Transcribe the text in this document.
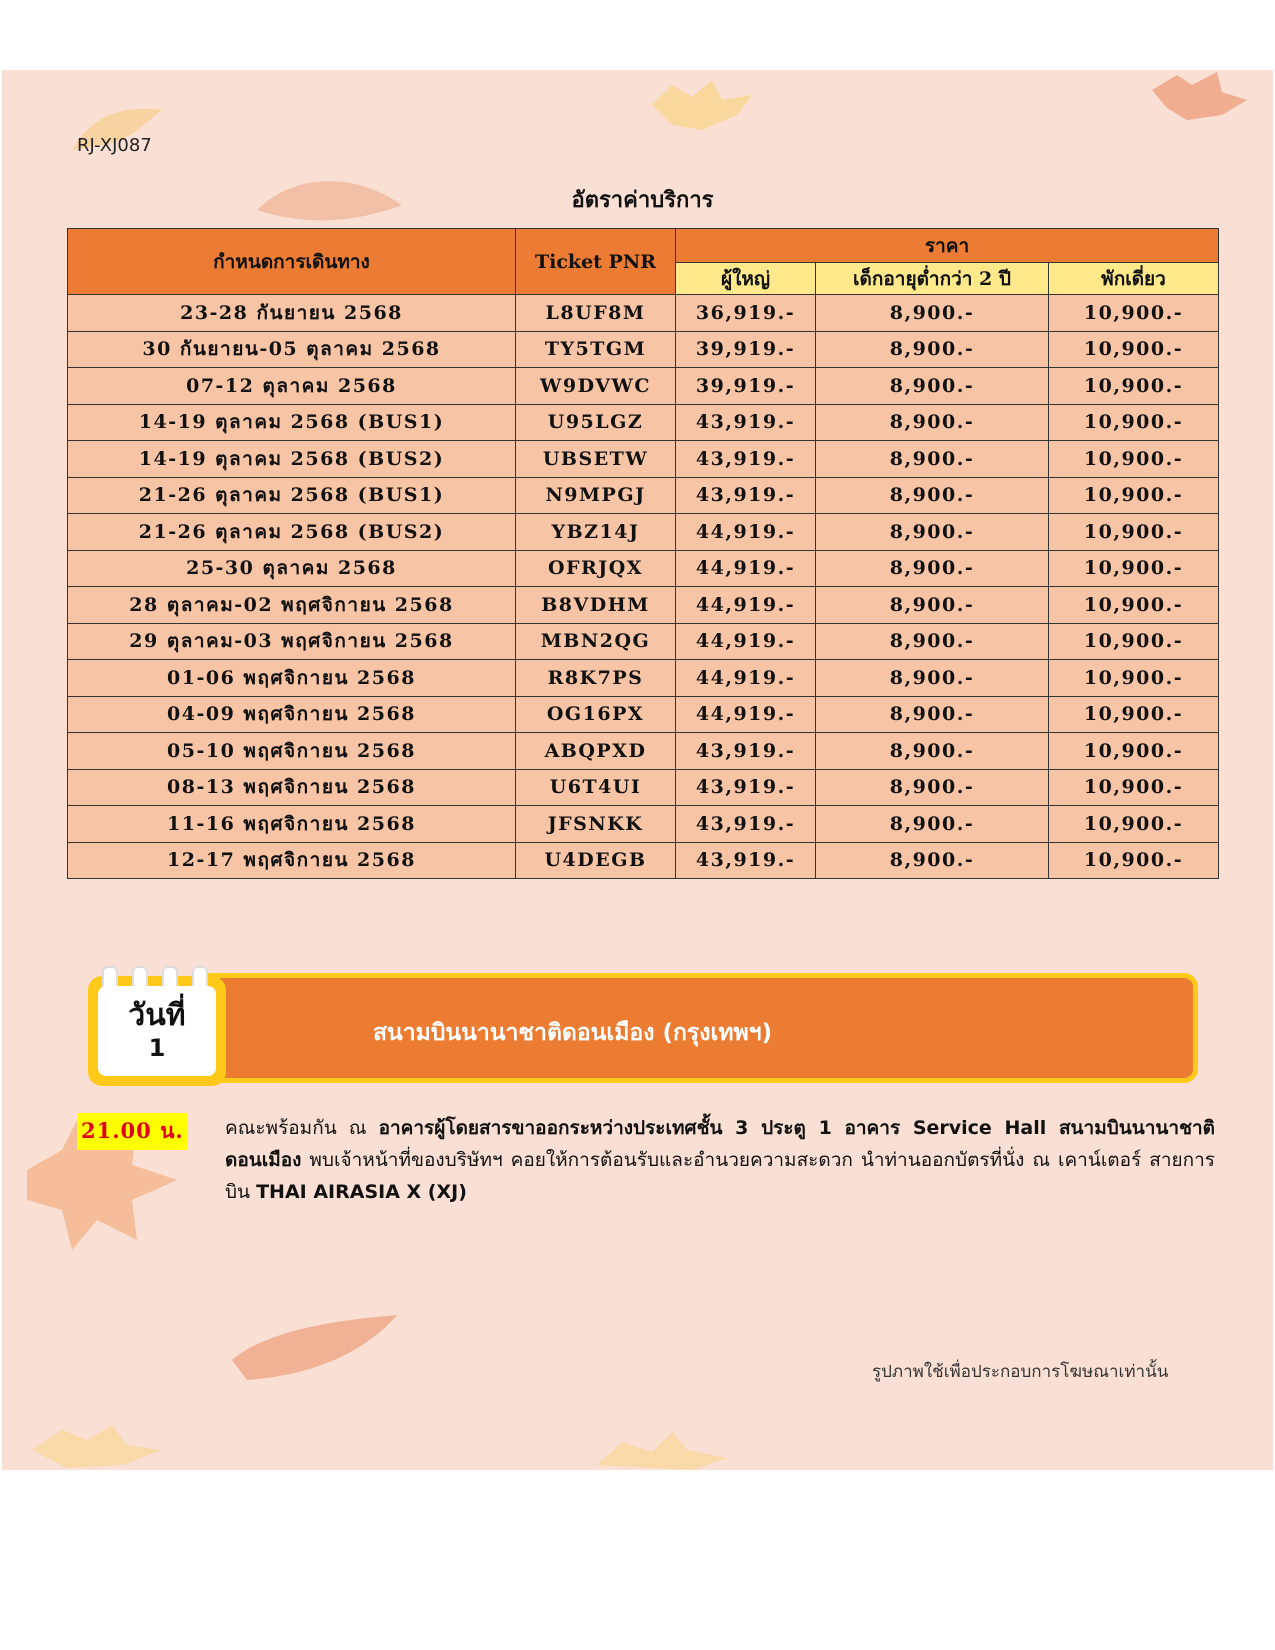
RJ-XJ087
อัตราค่าบริการ
กำหนดการเดินทาง	Ticket PNR	ราคา		
		ผู้ใหญ่	เด็กอายุต่ำกว่า 2 ปี	พักเดี่ยว
23-28 กันยายน 2568	L8UF8M	36,919.-	8,900.-	10,900.-
30 กันยายน-05 ตุลาคม 2568	TY5TGM	39,919.-	8,900.-	10,900.-
07-12 ตุลาคม 2568	W9DVWC	39,919.-	8,900.-	10,900.-
14-19 ตุลาคม 2568 (BUS1)	U95LGZ	43,919.-	8,900.-	10,900.-
14-19 ตุลาคม 2568 (BUS2)	UBSETW	43,919.-	8,900.-	10,900.-
21-26 ตุลาคม 2568 (BUS1)	N9MPGJ	43,919.-	8,900.-	10,900.-
21-26 ตุลาคม 2568 (BUS2)	YBZ14J	44,919.-	8,900.-	10,900.-
25-30 ตุลาคม 2568	OFRJQX	44,919.-	8,900.-	10,900.-
28 ตุลาคม-02 พฤศจิกายน 2568	B8VDHM	44,919.-	8,900.-	10,900.-
29 ตุลาคม-03 พฤศจิกายน 2568	MBN2QG	44,919.-	8,900.-	10,900.-
01-06 พฤศจิกายน 2568	R8K7PS	44,919.-	8,900.-	10,900.-
04-09 พฤศจิกายน 2568	OG16PX	44,919.-	8,900.-	10,900.-
05-10 พฤศจิกายน 2568	ABQPXD	43,919.-	8,900.-	10,900.-
08-13 พฤศจิกายน 2568	U6T4UI	43,919.-	8,900.-	10,900.-
11-16 พฤศจิกายน 2568	JFSNKK	43,919.-	8,900.-	10,900.-
12-17 พฤศจิกายน 2568	U4DEGB	43,919.-	8,900.-	10,900.-
สนามบินนานาชาติดอนเมือง (กรุงเทพฯ)
วันที่
1
21.00 น. คณะพร้อมกัน ณ อาคารผู้โดยสารขาออกระหว่างประเทศชั้น 3 ประตู 1 อาคาร Service Hall สนามบินนานาชาติดอนเมือง พบเจ้าหน้าที่ของบริษัทฯ คอยให้การต้อนรับและอำนวยความสะดวก นำท่านออกบัตรที่นั่ง ณ เคาน์เตอร์ สายการบิน THAI AIRASIA X (XJ)
รูปภาพใช้เพื่อประกอบการโฆษณาเท่านั้น
